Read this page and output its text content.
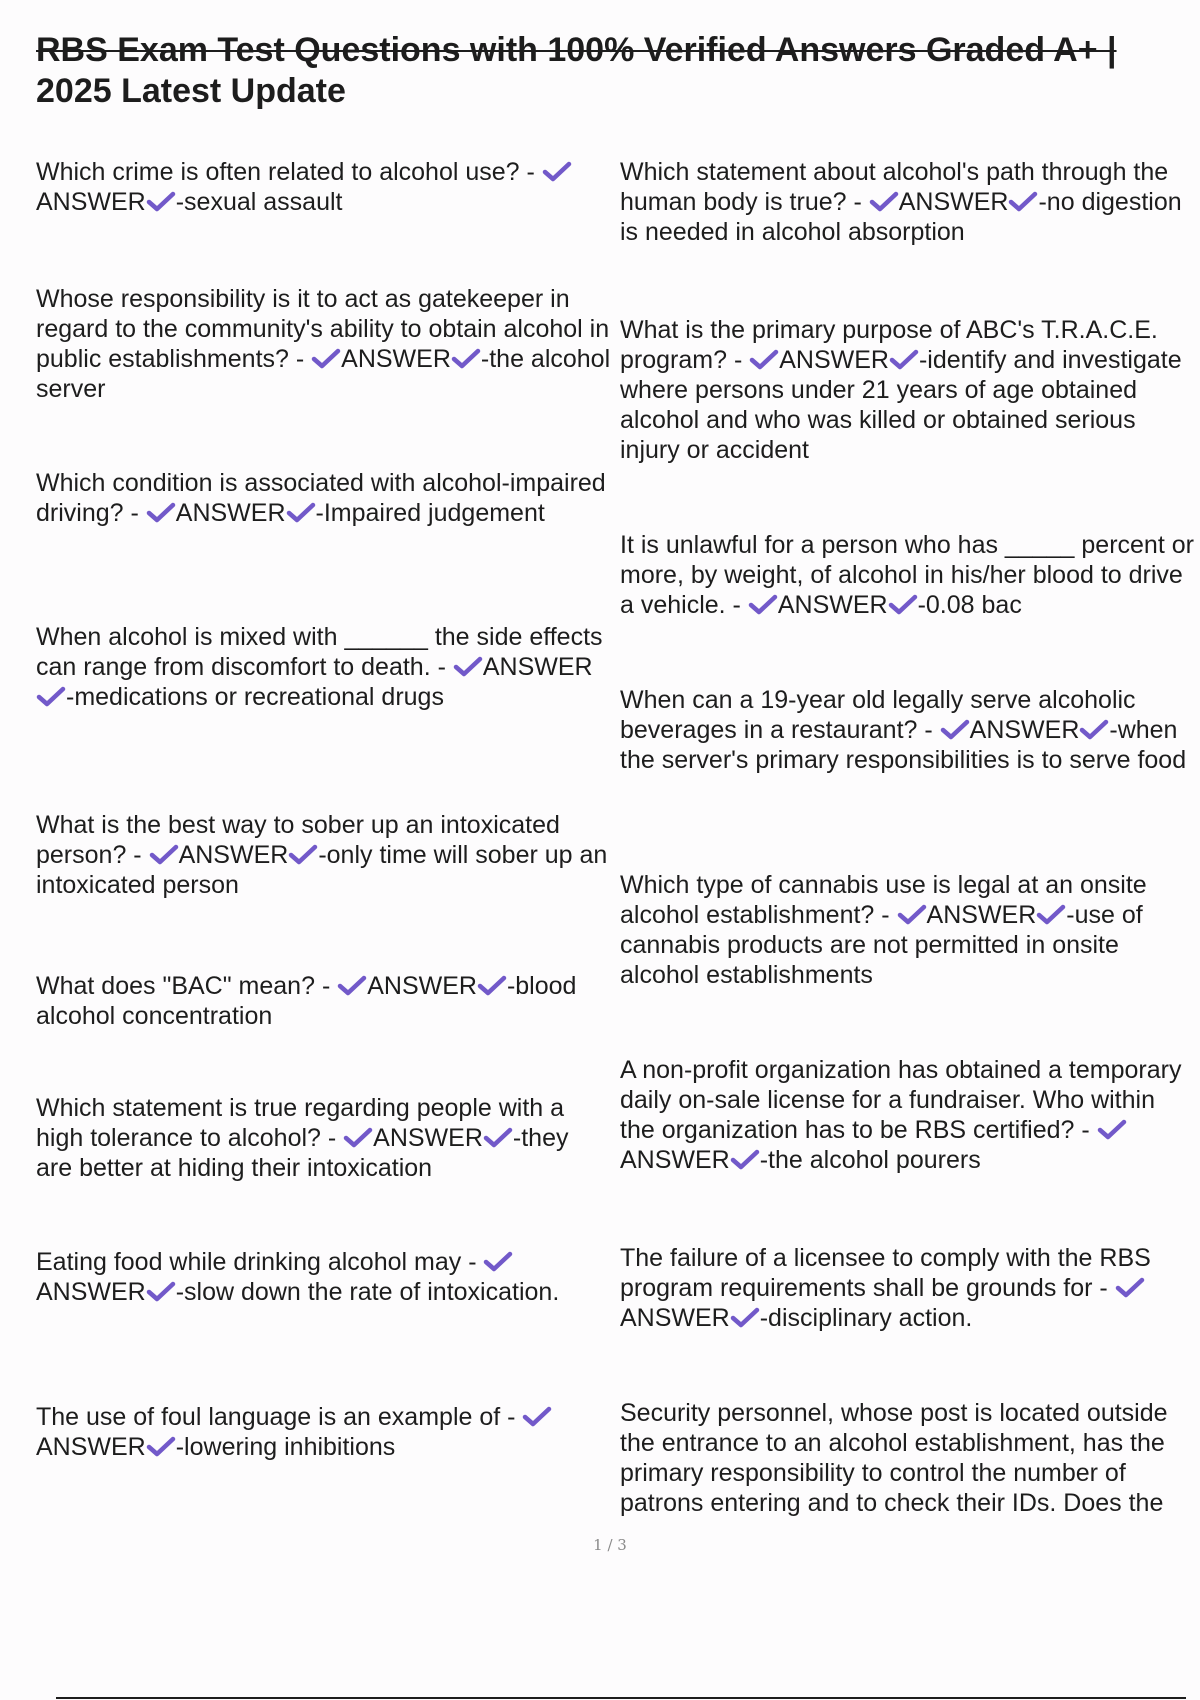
RBS Exam Test Questions with 100% Verified Answers Graded A+ |
2025 Latest Update

Which crime is often related to alcohol use? -
ANSWER -sexual assault

Whose responsibility is it to act as gatekeeper in regard to the community's ability to obtain alcohol in public establishments? - ANSWER -the alcohol server

Which condition is associated with alcohol-impaired driving? - ANSWER -Impaired judgement

When alcohol is mixed with ______ the side effects can range from discomfort to death. - ANSWER
-medications or recreational drugs

What is the best way to sober up an intoxicated person? - ANSWER -only time will sober up an intoxicated person

What does "BAC" mean? - ANSWER -blood alcohol concentration

Which statement is true regarding people with a high tolerance to alcohol? - ANSWER -they are better at hiding their intoxication

Eating food while drinking alcohol may -
ANSWER -slow down the rate of intoxication.

The use of foul language is an example of -
ANSWER -lowering inhibitions

Which statement about alcohol's path through the human body is true? - ANSWER -no digestion is needed in alcohol absorption

What is the primary purpose of ABC's T.R.A.C.E. program? - ANSWER -identify and investigate where persons under 21 years of age obtained alcohol and who was killed or obtained serious injury or accident

It is unlawful for a person who has _____ percent or more, by weight, of alcohol in his/her blood to drive a vehicle. - ANSWER -0.08 bac

When can a 19-year old legally serve alcoholic beverages in a restaurant? - ANSWER -when the server's primary responsibilities is to serve food

Which type of cannabis use is legal at an onsite alcohol establishment? - ANSWER -use of cannabis products are not permitted in onsite alcohol establishments

A non-profit organization has obtained a temporary daily on-sale license for a fundraiser. Who within the organization has to be RBS certified? -
ANSWER -the alcohol pourers

The failure of a licensee to comply with the RBS program requirements shall be grounds for -
ANSWER -disciplinary action.

Security personnel, whose post is located outside the entrance to an alcohol establishment, has the primary responsibility to control the number of patrons entering and to check their IDs. Does the

1 / 3
